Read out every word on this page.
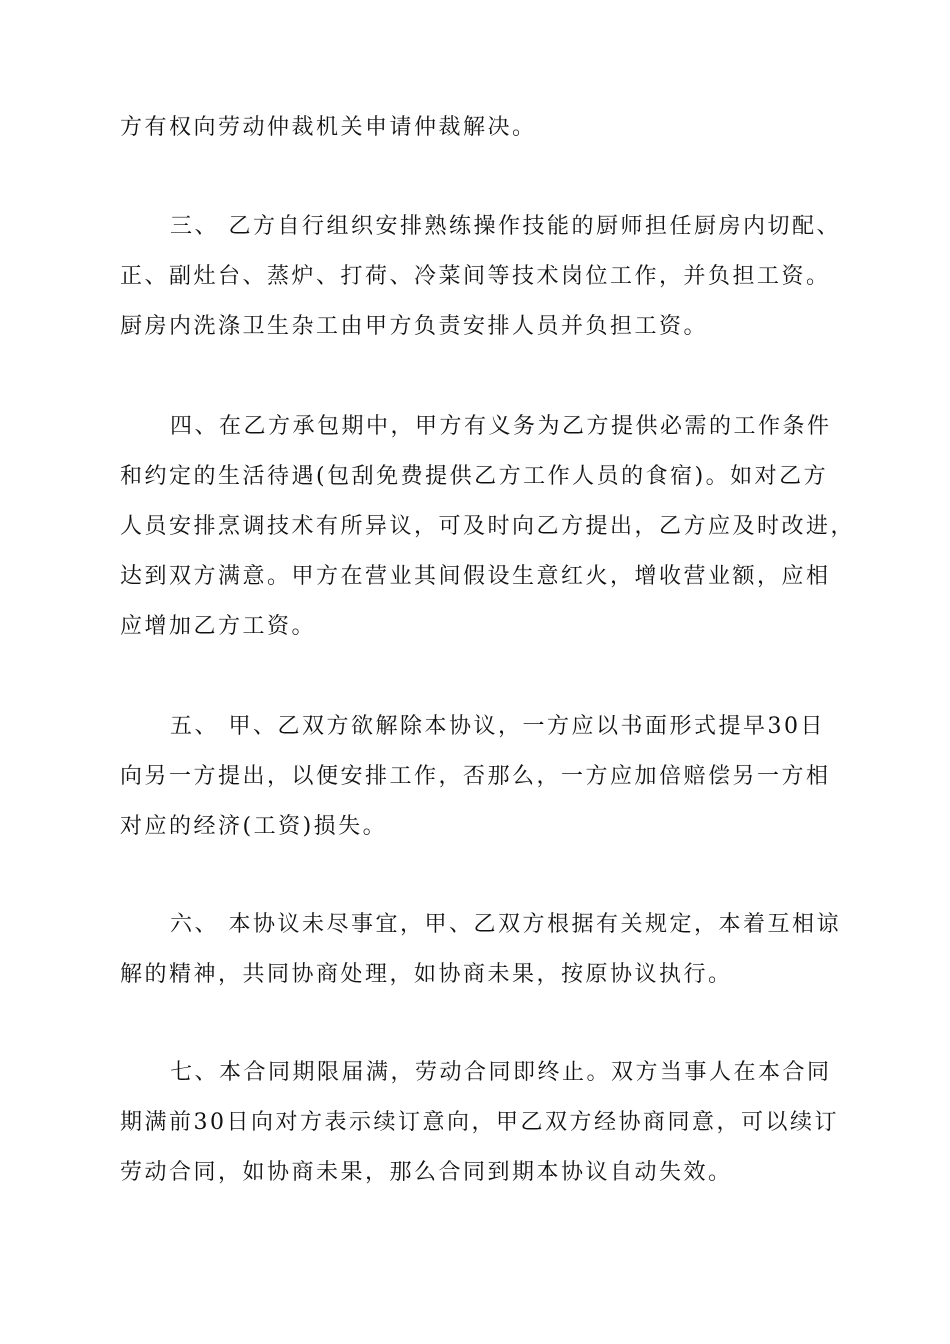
方有权向劳动仲裁机关申请仲裁解决。
三、 乙方自行组织安排熟练操作技能的厨师担任厨房内切配、
正、副灶台、蒸炉、打荷、冷菜间等技术岗位工作，并负担工资。
厨房内洗涤卫生杂工由甲方负责安排人员并负担工资。
四、在乙方承包期中，甲方有义务为乙方提供必需的工作条件
和约定的生活待遇(包刮免费提供乙方工作人员的食宿)。如对乙方
人员安排烹调技术有所异议，可及时向乙方提出，乙方应及时改进，
达到双方满意。甲方在营业其间假设生意红火，增收营业额，应相
应增加乙方工资。
五、 甲、乙双方欲解除本协议，一方应以书面形式提早30日
向另一方提出，以便安排工作，否那么，一方应加倍赔偿另一方相
对应的经济(工资)损失。
六、 本协议未尽事宜，甲、乙双方根据有关规定，本着互相谅
解的精神，共同协商处理，如协商未果，按原协议执行。
七、本合同期限届满，劳动合同即终止。双方当事人在本合同
期满前30日向对方表示续订意向，甲乙双方经协商同意，可以续订
劳动合同，如协商未果，那么合同到期本协议自动失效。
